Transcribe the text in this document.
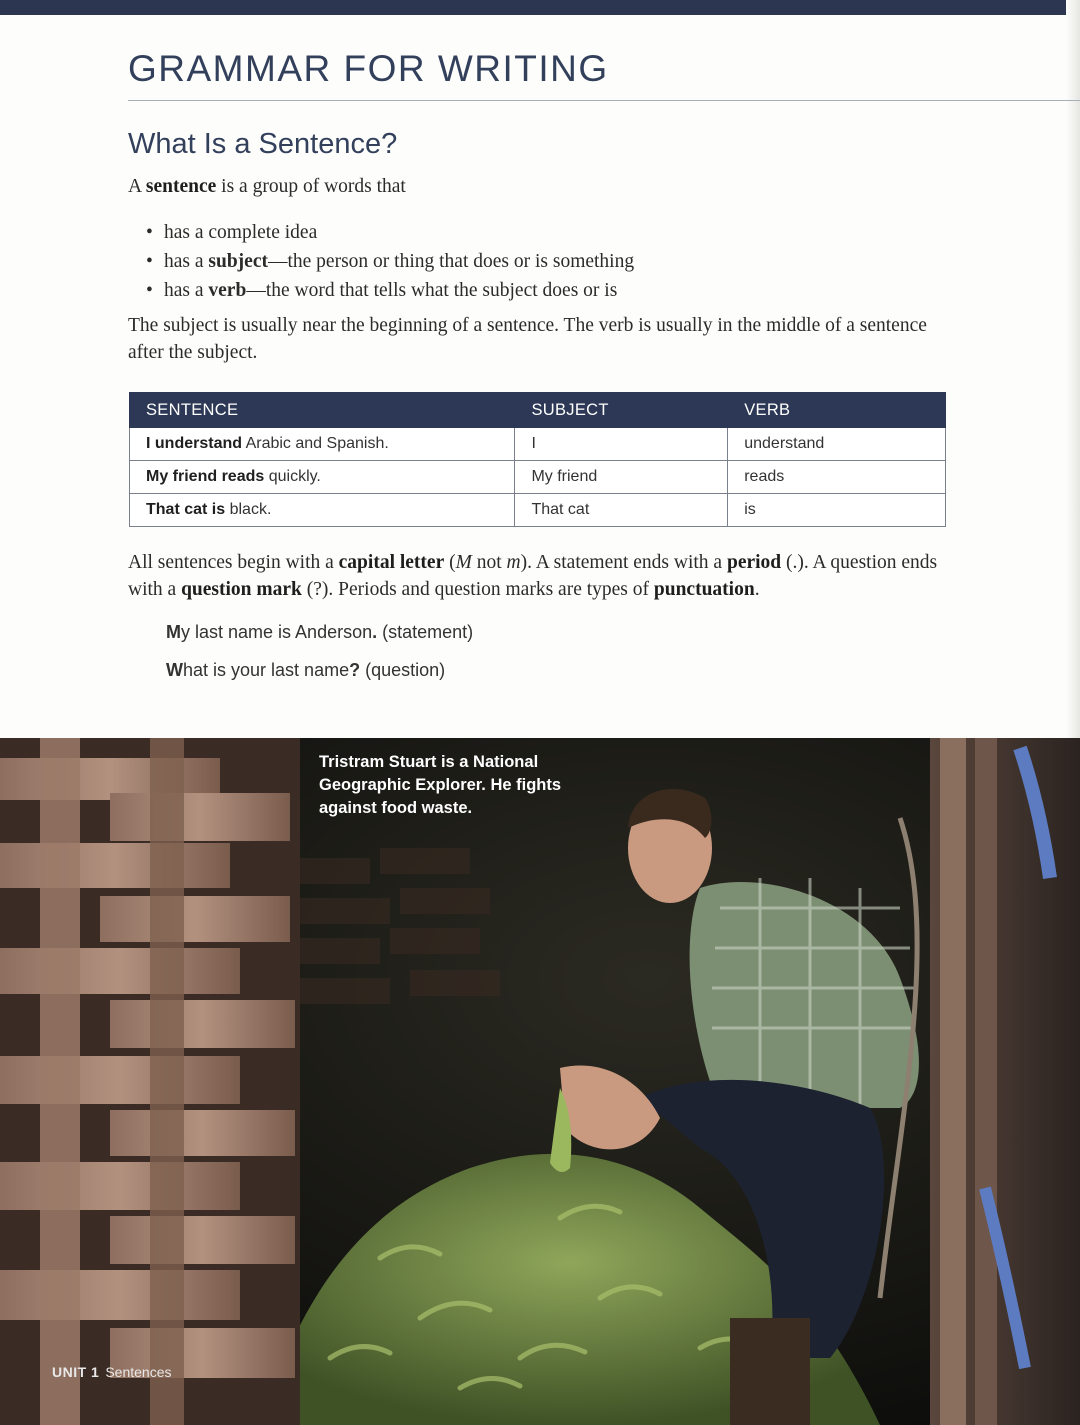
GRAMMAR FOR WRITING
What Is a Sentence?

A sentence is a group of words that

• has a complete idea
• has a subject—the person or thing that does or is something
• has a verb—the word that tells what the subject does or is

The subject is usually near the beginning of a sentence. The verb is usually in the middle of a sentence after the subject.

SENTENCE	SUBJECT	VERB
I understand Arabic and Spanish.	I	understand
My friend reads quickly.	My friend	reads
That cat is black.	That cat	is

All sentences begin with a capital letter (M not m). A statement ends with a period (.). A question ends with a question mark (?). Periods and question marks are types of punctuation.

My last name is Anderson. (statement)

What is your last name? (question)

Tristram Stuart is a National Geographic Explorer. He fights against food waste.

UNIT 1 Sentences
